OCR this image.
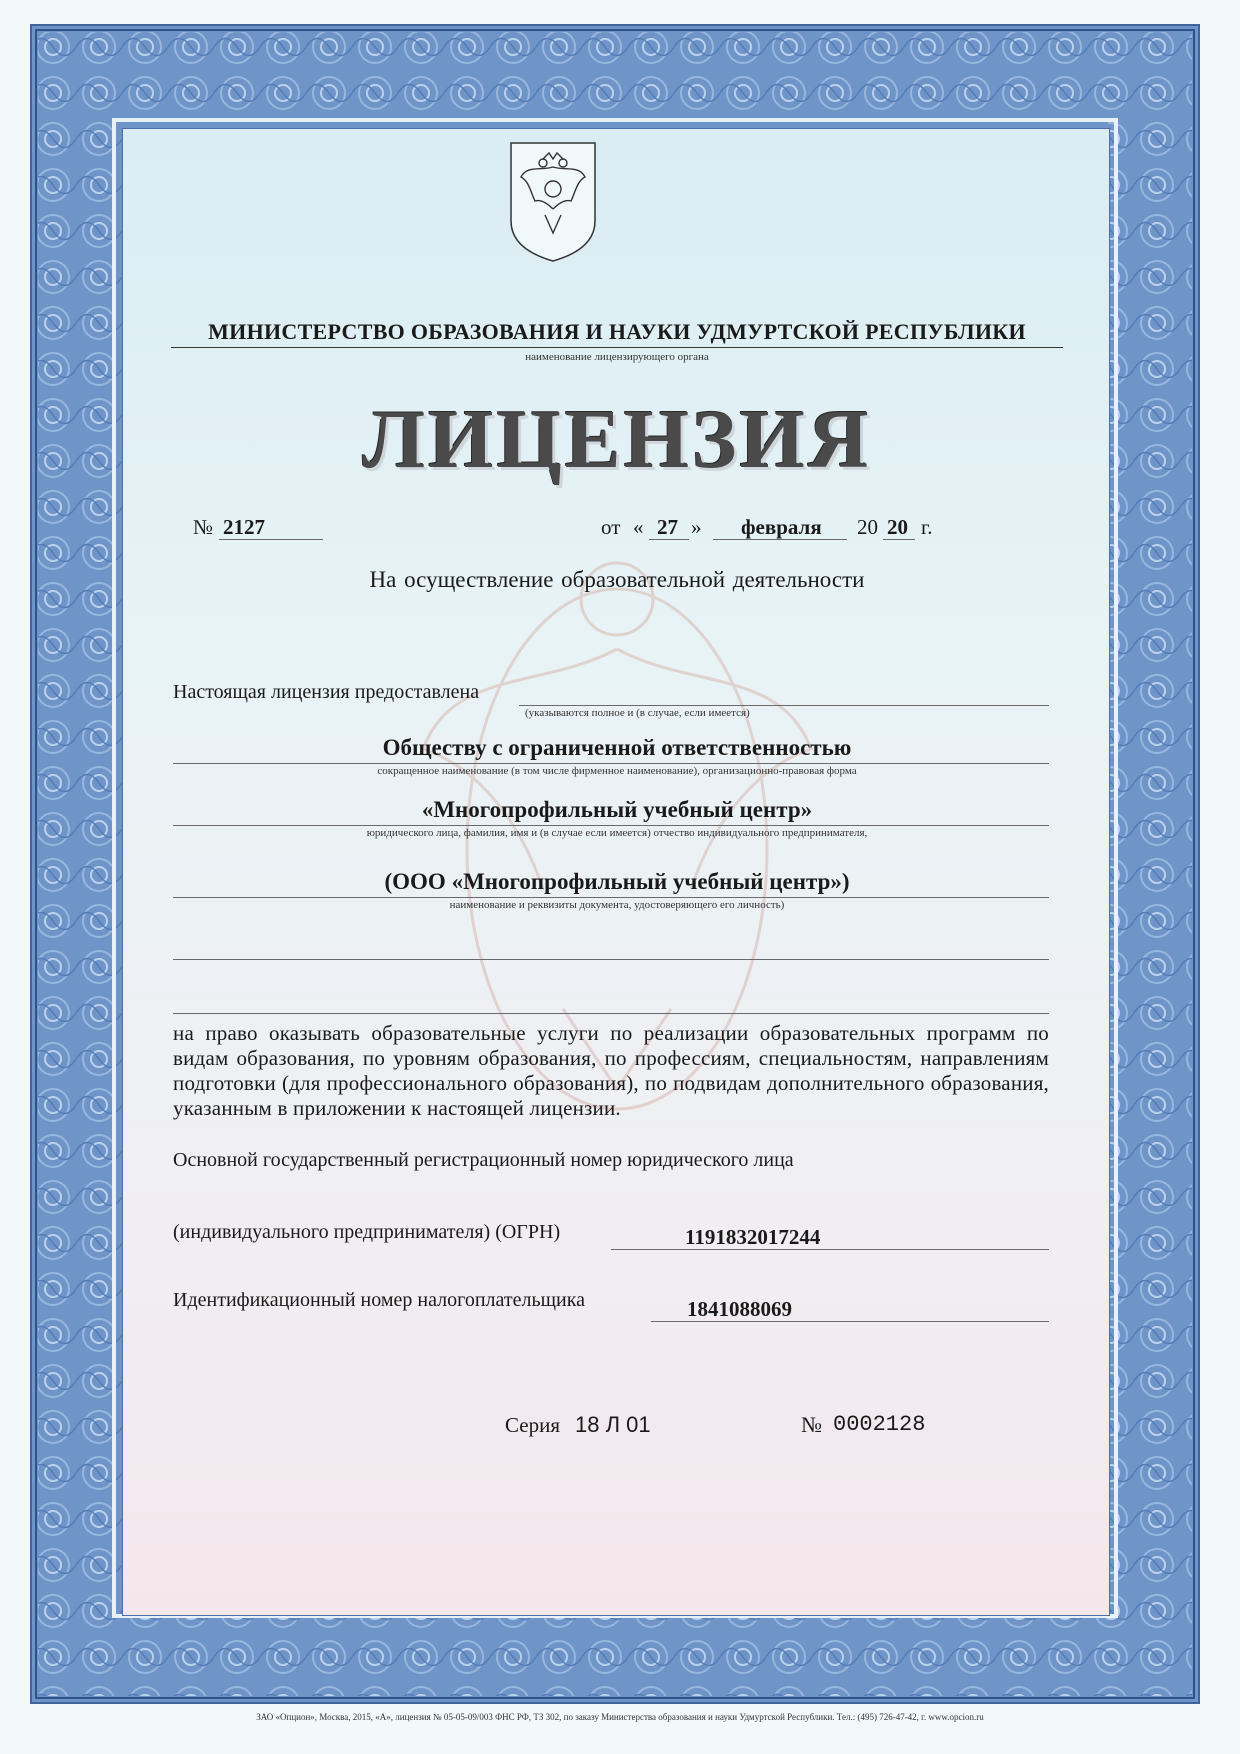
МИНИСТЕРСТВО ОБРАЗОВАНИЯ И НАУКИ УДМУРТСКОЙ РЕСПУБЛИКИ
наименование лицензирующего органа
ЛИЦЕНЗИЯ
№ 2127	от « 27 » февраля 20 20 г.
На осуществление образовательной деятельности
Настоящая лицензия предоставлена
(указываются полное и (в случае, если имеется)
Обществу с ограниченной ответственностью
сокращенное наименование (в том числе фирменное наименование), организационно-правовая форма
«Многопрофильный учебный центр»
юридического лица, фамилия, имя и (в случае если имеется) отчество индивидуального предпринимателя,
(ООО «Многопрофильный учебный центр»)
наименование и реквизиты документа, удостоверяющего его личность)
на право оказывать образовательные услуги по реализации образовательных программ по видам образования, по уровням образования, по профессиям, специальностям, направлениям подготовки (для профессионального образования), по подвидам дополнительного образования, указанным в приложении к настоящей лицензии.
Основной государственный регистрационный номер юридического лица
(индивидуального предпринимателя) (ОГРН)	1191832017244
Идентификационный номер налогоплательщика	1841088069
Серия 18 Л 01	№ 0002128
ЗАО «Опцион», Москва, 2015, «А», лицензия № 05-05-09/003 ФНС РФ, ТЗ 302, по заказу Министерства образования и науки Удмуртской Республики. Тел.: (495) 726-47-42, г. www.opcion.ru
